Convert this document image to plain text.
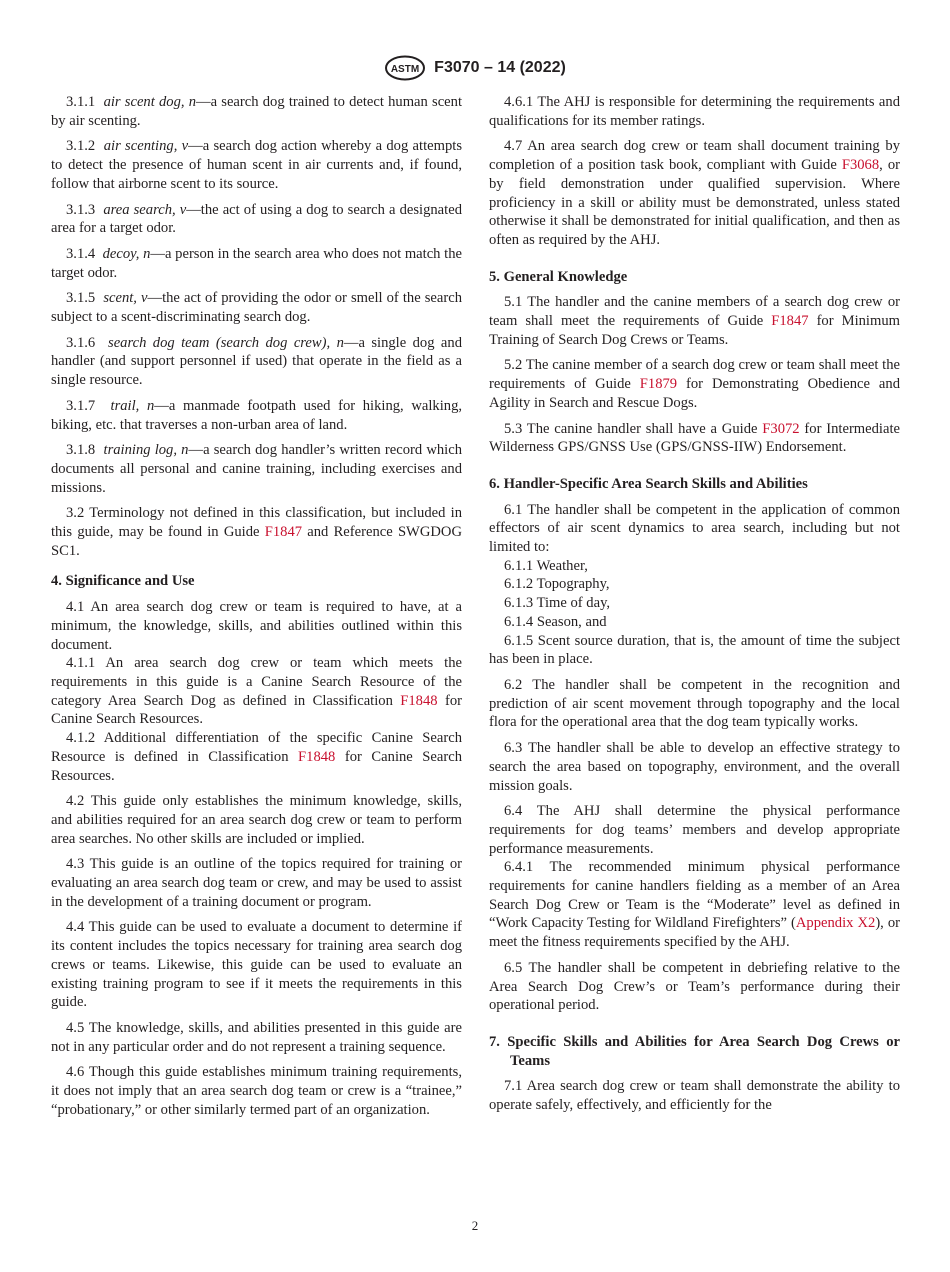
ASTM F3070 – 14 (2022)

3.1.1 air scent dog, n—a search dog trained to detect human scent by air scenting.

3.1.2 air scenting, v—a search dog action whereby a dog attempts to detect the presence of human scent in air currents and, if found, follow that airborne scent to its source.

3.1.3 area search, v—the act of using a dog to search a designated area for a target odor.

3.1.4 decoy, n—a person in the search area who does not match the target odor.

3.1.5 scent, v—the act of providing the odor or smell of the search subject to a scent-discriminating search dog.

3.1.6 search dog team (search dog crew), n—a single dog and handler (and support personnel if used) that operate in the field as a single resource.

3.1.7 trail, n—a manmade footpath used for hiking, walking, biking, etc. that traverses a non-urban area of land.

3.1.8 training log, n—a search dog handler’s written record which documents all personal and canine training, including exercises and missions.

3.2 Terminology not defined in this classification, but included in this guide, may be found in Guide F1847 and Reference SWGDOG SC1.

4. Significance and Use

4.1 An area search dog crew or team is required to have, at a minimum, the knowledge, skills, and abilities outlined within this document.

4.1.1 An area search dog crew or team which meets the requirements in this guide is a Canine Search Resource of the category Area Search Dog as defined in Classification F1848 for Canine Search Resources.

4.1.2 Additional differentiation of the specific Canine Search Resource is defined in Classification F1848 for Canine Search Resources.

4.2 This guide only establishes the minimum knowledge, skills, and abilities required for an area search dog crew or team to perform area searches. No other skills are included or implied.

4.3 This guide is an outline of the topics required for training or evaluating an area search dog team or crew, and may be used to assist in the development of a training document or program.

4.4 This guide can be used to evaluate a document to determine if its content includes the topics necessary for training area search dog crews or teams. Likewise, this guide can be used to evaluate an existing training program to see if it meets the requirements in this guide.

4.5 The knowledge, skills, and abilities presented in this guide are not in any particular order and do not represent a training sequence.

4.6 Though this guide establishes minimum training requirements, it does not imply that an area search dog team or crew is a “trainee,” “probationary,” or other similarly termed part of an organization.

4.6.1 The AHJ is responsible for determining the requirements and qualifications for its member ratings.

4.7 An area search dog crew or team shall document training by completion of a position task book, compliant with Guide F3068, or by field demonstration under qualified supervision. Where proficiency in a skill or ability must be demonstrated, unless stated otherwise it shall be demonstrated for initial qualification, and then as often as required by the AHJ.

5. General Knowledge

5.1 The handler and the canine members of a search dog crew or team shall meet the requirements of Guide F1847 for Minimum Training of Search Dog Crews or Teams.

5.2 The canine member of a search dog crew or team shall meet the requirements of Guide F1879 for Demonstrating Obedience and Agility in Search and Rescue Dogs.

5.3 The canine handler shall have a Guide F3072 for Intermediate Wilderness GPS/GNSS Use (GPS/GNSS-IIW) Endorsement.

6. Handler-Specific Area Search Skills and Abilities

6.1 The handler shall be competent in the application of common effectors of air scent dynamics to area search, including but not limited to:

6.1.1 Weather,

6.1.2 Topography,

6.1.3 Time of day,

6.1.4 Season, and

6.1.5 Scent source duration, that is, the amount of time the subject has been in place.

6.2 The handler shall be competent in the recognition and prediction of air scent movement through topography and the local flora for the operational area that the dog team typically works.

6.3 The handler shall be able to develop an effective strategy to search the area based on topography, environment, and the overall mission goals.

6.4 The AHJ shall determine the physical performance requirements for dog teams’ members and develop appropriate performance measurements.

6.4.1 The recommended minimum physical performance requirements for canine handlers fielding as a member of an Area Search Dog Crew or Team is the “Moderate” level as defined in “Work Capacity Testing for Wildland Firefighters” (Appendix X2), or meet the fitness requirements specified by the AHJ.

6.5 The handler shall be competent in debriefing relative to the Area Search Dog Crew’s or Team’s performance during their operational period.

7. Specific Skills and Abilities for Area Search Dog Crews or Teams

7.1 Area search dog crew or team shall demonstrate the ability to operate safely, effectively, and efficiently for the

2
